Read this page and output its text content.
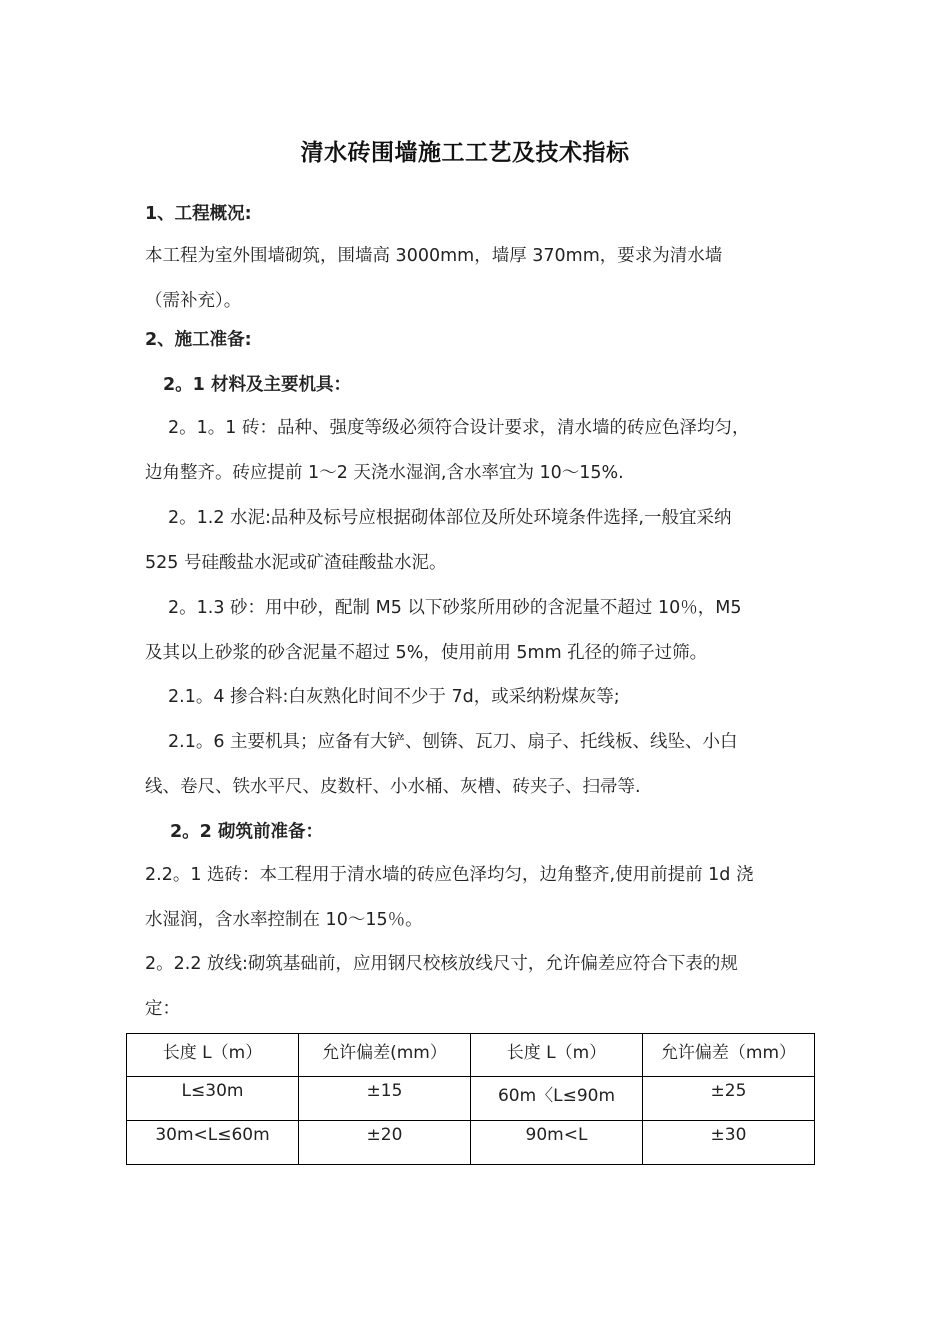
清水砖围墙施工工艺及技术指标
1、工程概况:
本工程为室外围墙砌筑，围墙高 3000mm，墙厚 370mm，要求为清水墙
（需补充）。
2、施工准备:
2。1 材料及主要机具：
2。1。1 砖：品种、强度等级必须符合设计要求，清水墙的砖应色泽均匀，
边角整齐。砖应提前 1～2 天浇水湿润,含水率宜为 10～15%.
2。1.2 水泥:品种及标号应根据砌体部位及所处环境条件选择,一般宜采纳
525 号硅酸盐水泥或矿渣硅酸盐水泥。
2。1.3 砂：用中砂，配制 M5 以下砂浆所用砂的含泥量不超过 10％，M5
及其以上砂浆的砂含泥量不超过 5%，使用前用 5mm 孔径的筛子过筛。
2.1。4 掺合料:白灰熟化时间不少于 7d，或采纳粉煤灰等;
2.1。6 主要机具；应备有大铲、刨锛、瓦刀、扇子、托线板、线坠、小白
线、卷尺、铁水平尺、皮数杆、小水桶、灰槽、砖夹子、扫帚等.
2。2 砌筑前准备：
2.2。1 选砖：本工程用于清水墙的砖应色泽均匀，边角整齐,使用前提前 1d 浇
水湿润，含水率控制在 10～15％。
2。2.2 放线:砌筑基础前，应用钢尺校核放线尺寸，允许偏差应符合下表的规
定：
长度 L（m）	允许偏差(mm）	长度 L（m）	允许偏差（mm）
L≤30m	±15	60m〈L≤90m	±25
30m<L≤60m	±20	90m<L	±30
